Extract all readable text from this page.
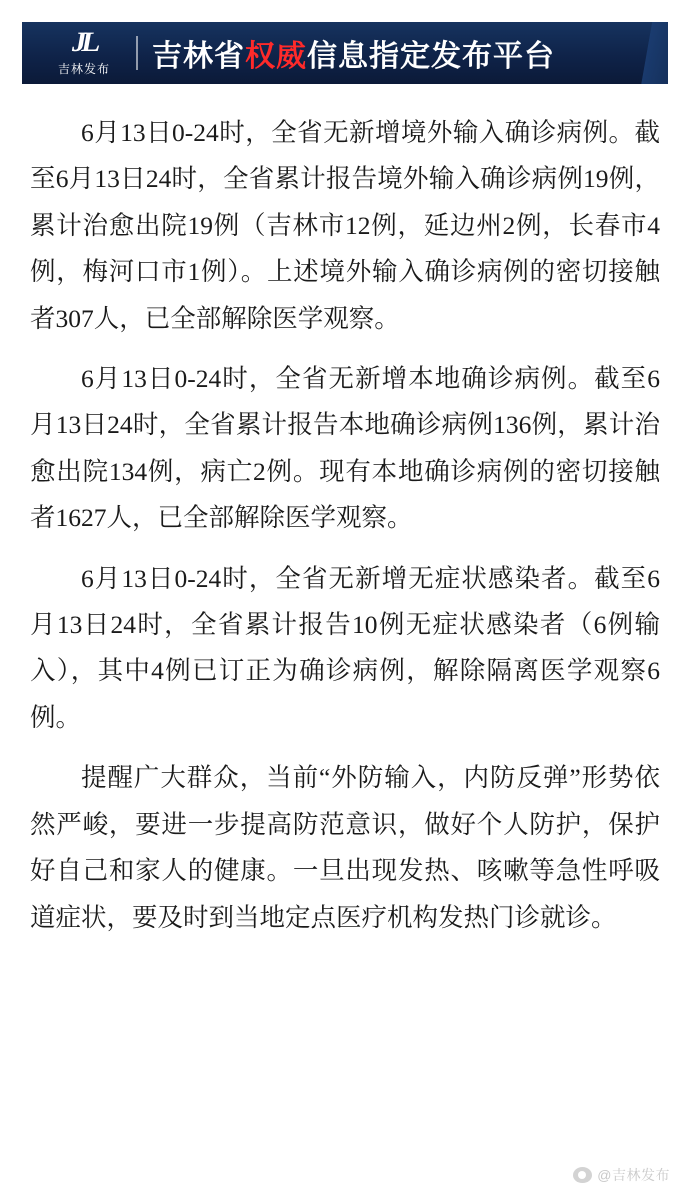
JL
吉林发布 吉林省权威信息指定发布平台

6月13日0-24时，全省无新增境外输入确诊病例。截至6月13日24时，全省累计报告境外输入确诊病例19例，累计治愈出院19例（吉林市12例，延边州2例，长春市4例，梅河口市1例）。上述境外输入确诊病例的密切接触者307人，已全部解除医学观察。

6月13日0-24时，全省无新增本地确诊病例。截至6月13日24时，全省累计报告本地确诊病例136例，累计治愈出院134例，病亡2例。现有本地确诊病例的密切接触者1627人，已全部解除医学观察。

6月13日0-24时，全省无新增无症状感染者。截至6月13日24时，全省累计报告10例无症状感染者（6例输入），其中4例已订正为确诊病例，解除隔离医学观察6例。

提醒广大群众，当前“外防输入，内防反弹”形势依然严峻，要进一步提高防范意识，做好个人防护，保护好自己和家人的健康。一旦出现发热、咳嗽等急性呼吸道症状，要及时到当地定点医疗机构发热门诊就诊。

@吉林发布
